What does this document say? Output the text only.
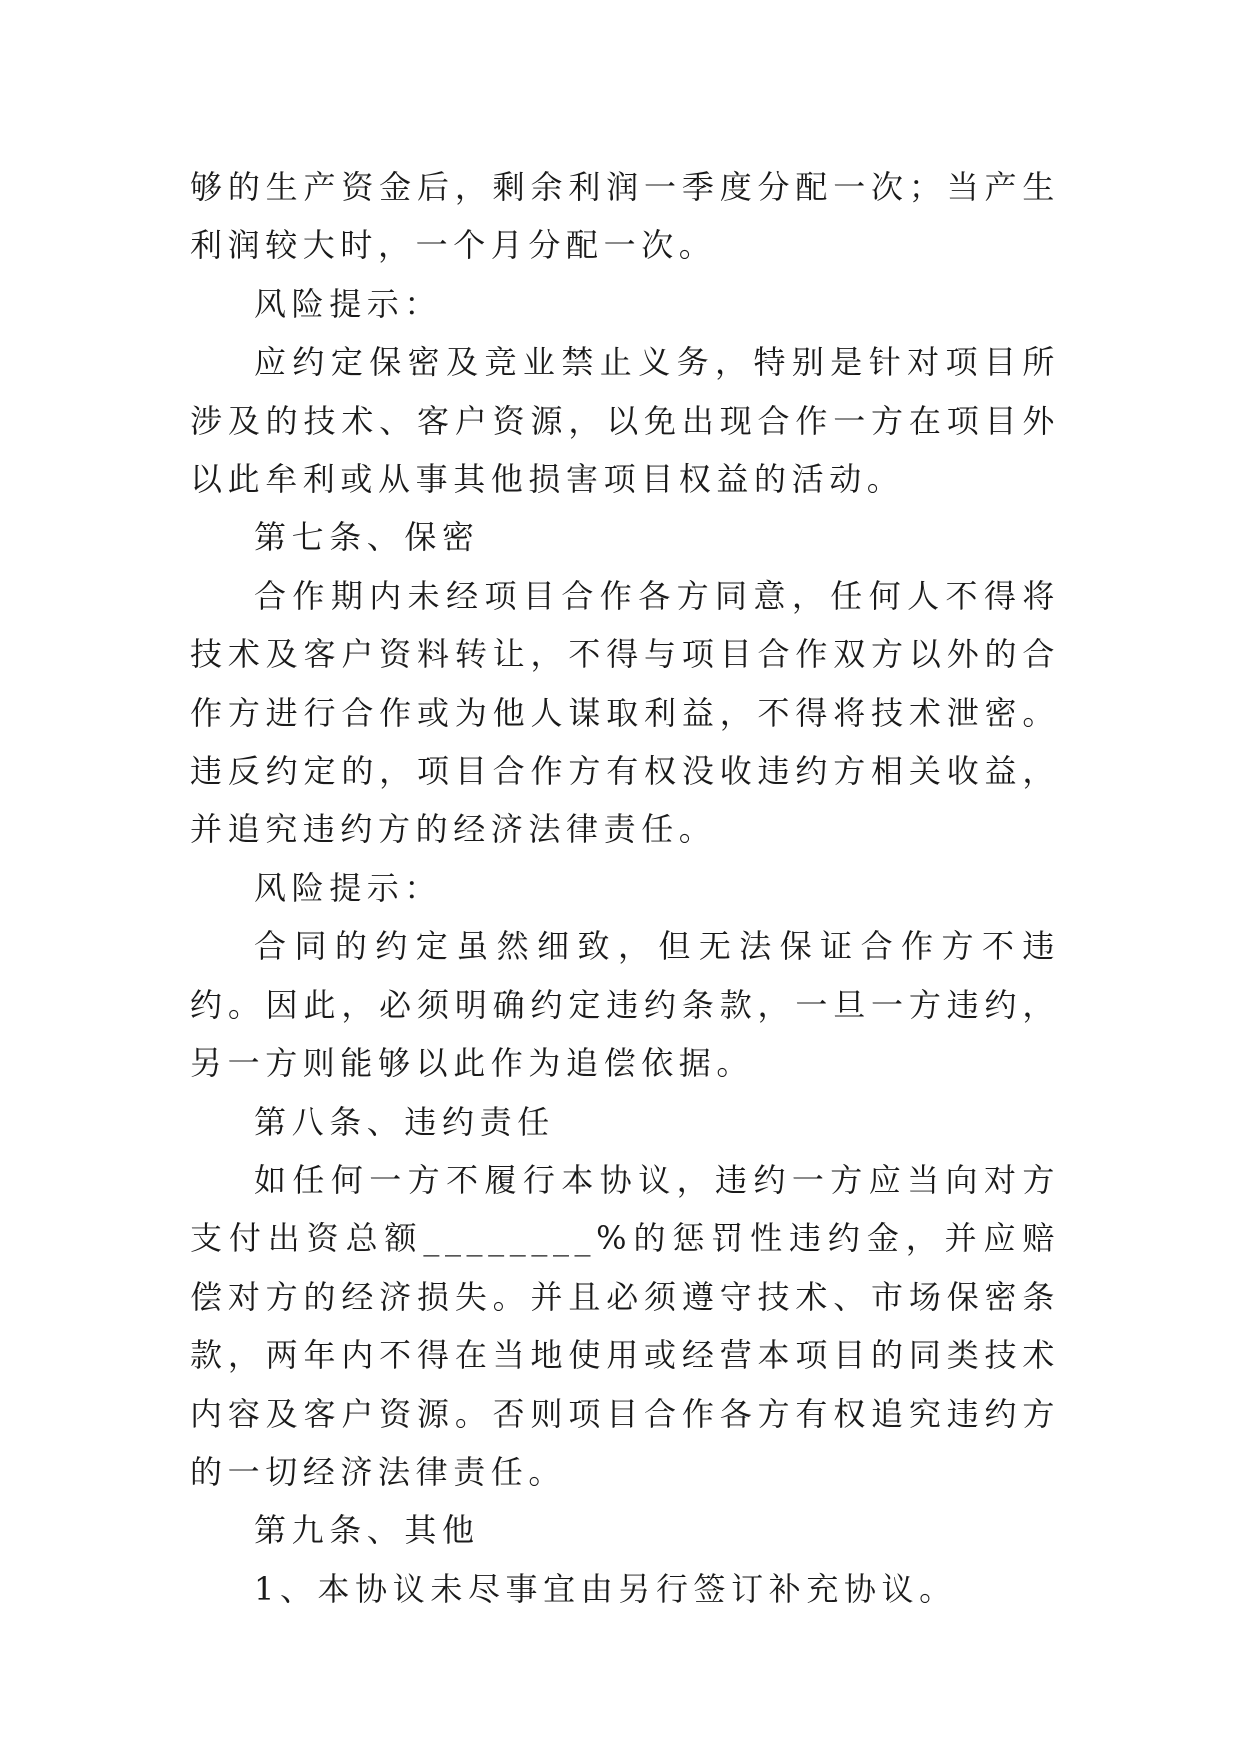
够的生产资金后，剩余利润一季度分配一次；当产生利润较大时，一个月分配一次。

风险提示：

应约定保密及竞业禁止义务，特别是针对项目所涉及的技术、客户资源，以免出现合作一方在项目外以此牟利或从事其他损害项目权益的活动。

第七条、保密

合作期内未经项目合作各方同意，任何人不得将技术及客户资料转让，不得与项目合作双方以外的合作方进行合作或为他人谋取利益，不得将技术泄密。违反约定的，项目合作方有权没收违约方相关收益，并追究违约方的经济法律责任。

风险提示：

合同的约定虽然细致，但无法保证合作方不违约。因此，必须明确约定违约条款，一旦一方违约，另一方则能够以此作为追偿依据。

第八条、违约责任

如任何一方不履行本协议，违约一方应当向对方支付出资总额________%的惩罚性违约金，并应赔偿对方的经济损失。并且必须遵守技术、市场保密条款，两年内不得在当地使用或经营本项目的同类技术内容及客户资源。否则项目合作各方有权追究违约方的一切经济法律责任。

第九条、其他

1、本协议未尽事宜由另行签订补充协议。
